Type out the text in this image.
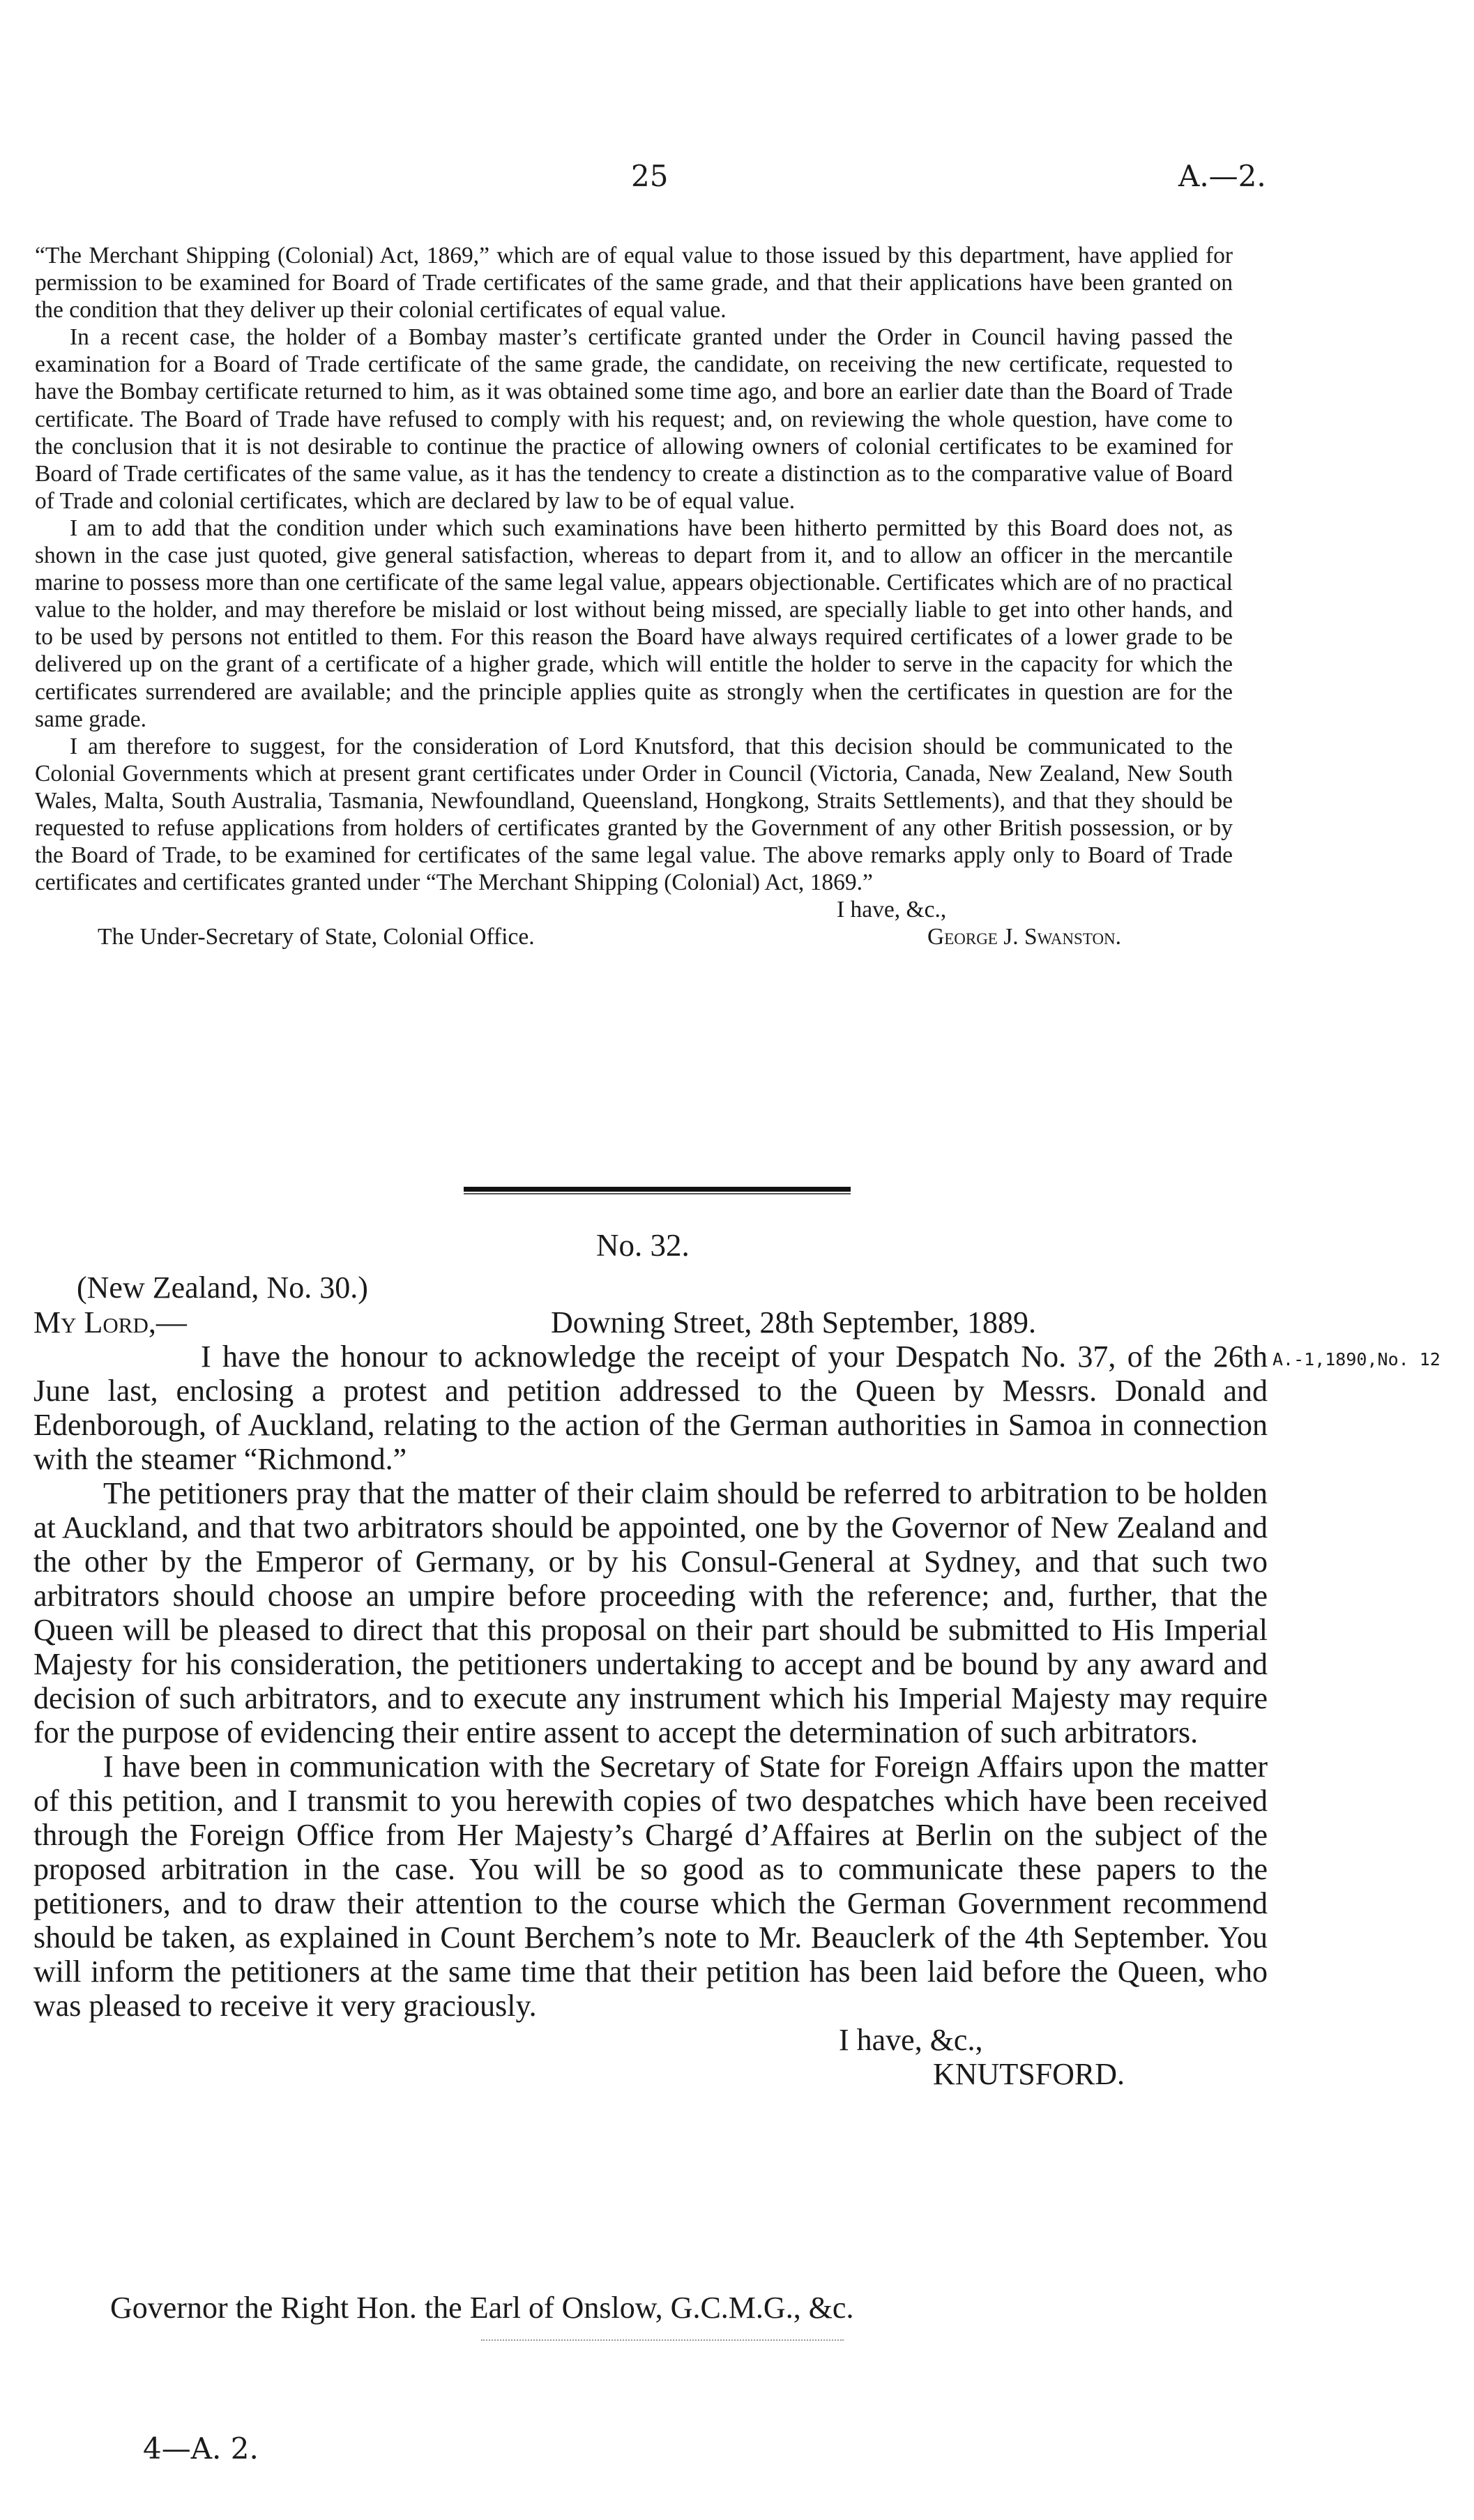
25	A.—2.

“The Merchant Shipping (Colonial) Act, 1869,” which are of equal value to those issued by this department, have applied for permission to be examined for Board of Trade certificates of the same grade, and that their applications have been granted on the condition that they deliver up their colonial certificates of equal value.

In a recent case, the holder of a Bombay master’s certificate granted under the Order in Council having passed the examination for a Board of Trade certificate of the same grade, the candidate, on receiving the new certificate, requested to have the Bombay certificate returned to him, as it was obtained some time ago, and bore an earlier date than the Board of Trade certificate. The Board of Trade have refused to comply with his request; and, on reviewing the whole question, have come to the conclusion that it is not desirable to continue the practice of allowing owners of colonial certificates to be examined for Board of Trade certificates of the same value, as it has the tendency to create a distinction as to the comparative value of Board of Trade and colonial certificates, which are declared by law to be of equal value.

I am to add that the condition under which such examinations have been hitherto permitted by this Board does not, as shown in the case just quoted, give general satisfaction, whereas to depart from it, and to allow an officer in the mercantile marine to possess more than one certificate of the same legal value, appears objectionable. Certificates which are of no practical value to the holder, and may therefore be mislaid or lost without being missed, are specially liable to get into other hands, and to be used by persons not entitled to them. For this reason the Board have always required certificates of a lower grade to be delivered up on the grant of a certificate of a higher grade, which will entitle the holder to serve in the capacity for which the certificates surrendered are available; and the principle applies quite as strongly when the certificates in question are for the same grade.

I am therefore to suggest, for the consideration of Lord Knutsford, that this decision should be communicated to the Colonial Governments which at present grant certificates under Order in Council (Victoria, Canada, New Zealand, New South Wales, Malta, South Australia, Tasmania, Newfoundland, Queensland, Hongkong, Straits Settlements), and that they should be requested to refuse applications from holders of certificates granted by the Government of any other British possession, or by the Board of Trade, to be examined for certificates of the same legal value. The above remarks apply only to Board of Trade certificates and certificates granted under “The Merchant Shipping (Colonial) Act, 1869.”

I have, &c.,
The Under-Secretary of State, Colonial Office.	George J. Swanston.
No. 32.
(New Zealand, No. 30.)
My Lord,—	Downing Street, 28th September, 1889.
A.-1,1890,No. 12

I have the honour to acknowledge the receipt of your Despatch No. 37, of the 26th June last, enclosing a protest and petition addressed to the Queen by Messrs. Donald and Edenborough, of Auckland, relating to the action of the German authorities in Samoa in connection with the steamer “Richmond.”

The petitioners pray that the matter of their claim should be referred to arbitration to be holden at Auckland, and that two arbitrators should be appointed, one by the Governor of New Zealand and the other by the Emperor of Germany, or by his Consul-General at Sydney, and that such two arbitrators should choose an umpire before proceeding with the reference; and, further, that the Queen will be pleased to direct that this proposal on their part should be submitted to His Imperial Majesty for his consideration, the petitioners undertaking to accept and be bound by any award and decision of such arbitrators, and to execute any instrument which his Imperial Majesty may require for the purpose of evidencing their entire assent to accept the determination of such arbitrators.

I have been in communication with the Secretary of State for Foreign Affairs upon the matter of this petition, and I transmit to you herewith copies of two despatches which have been received through the Foreign Office from Her Majesty’s Chargé d’Affaires at Berlin on the subject of the proposed arbitration in the case. You will be so good as to communicate these papers to the petitioners, and to draw their attention to the course which the German Government recommend should be taken, as explained in Count Berchem’s note to Mr. Beauclerk of the 4th September. You will inform the petitioners at the same time that their petition has been laid before the Queen, who was pleased to receive it very graciously.

I have, &c.,
KNUTSFORD.
Governor the Right Hon. the Earl of Onslow, G.C.M.G., &c.
4—A. 2.
